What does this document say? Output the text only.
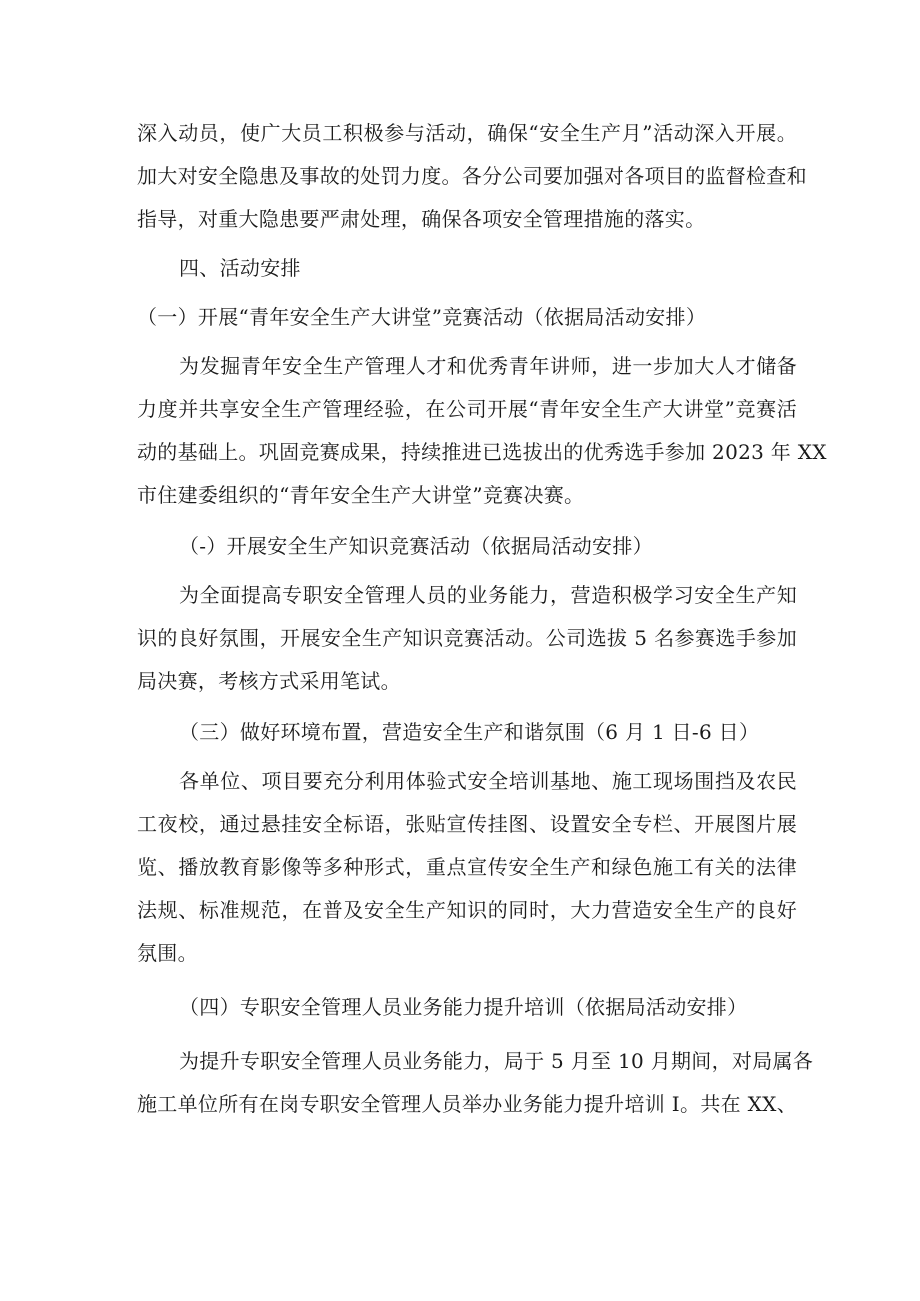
深入动员，使广大员工积极参与活动，确保“安全生产月”活动深入开展。
加大对安全隐患及事故的处罚力度。各分公司要加强对各项目的监督检查和
指导，对重大隐患要严肃处理，确保各项安全管理措施的落实。
四、活动安排
（一）开展“青年安全生产大讲堂”竞赛活动（依据局活动安排）
为发掘青年安全生产管理人才和优秀青年讲师，进一步加大人才储备
力度并共享安全生产管理经验，在公司开展“青年安全生产大讲堂”竞赛活
动的基础上。巩固竞赛成果，持续推进已选拔出的优秀选手参加 2023 年 XX
市住建委组织的“青年安全生产大讲堂”竞赛决赛。
（-）开展安全生产知识竞赛活动（依据局活动安排）
为全面提高专职安全管理人员的业务能力，营造积极学习安全生产知
识的良好氛围，开展安全生产知识竞赛活动。公司选拔 5 名参赛选手参加
局决赛，考核方式采用笔试。
（三）做好环境布置，营造安全生产和谐氛围（6 月 1 日-6 日）
各单位、项目要充分利用体验式安全培训基地、施工现场围挡及农民
工夜校，通过悬挂安全标语，张贴宣传挂图、设置安全专栏、开展图片展
览、播放教育影像等多种形式，重点宣传安全生产和绿色施工有关的法律
法规、标准规范，在普及安全生产知识的同时，大力营造安全生产的良好
氛围。
（四）专职安全管理人员业务能力提升培训（依据局活动安排）
为提升专职安全管理人员业务能力，局于 5 月至 10 月期间，对局属各
施工单位所有在岗专职安全管理人员举办业务能力提升培训 I。共在 XX、
